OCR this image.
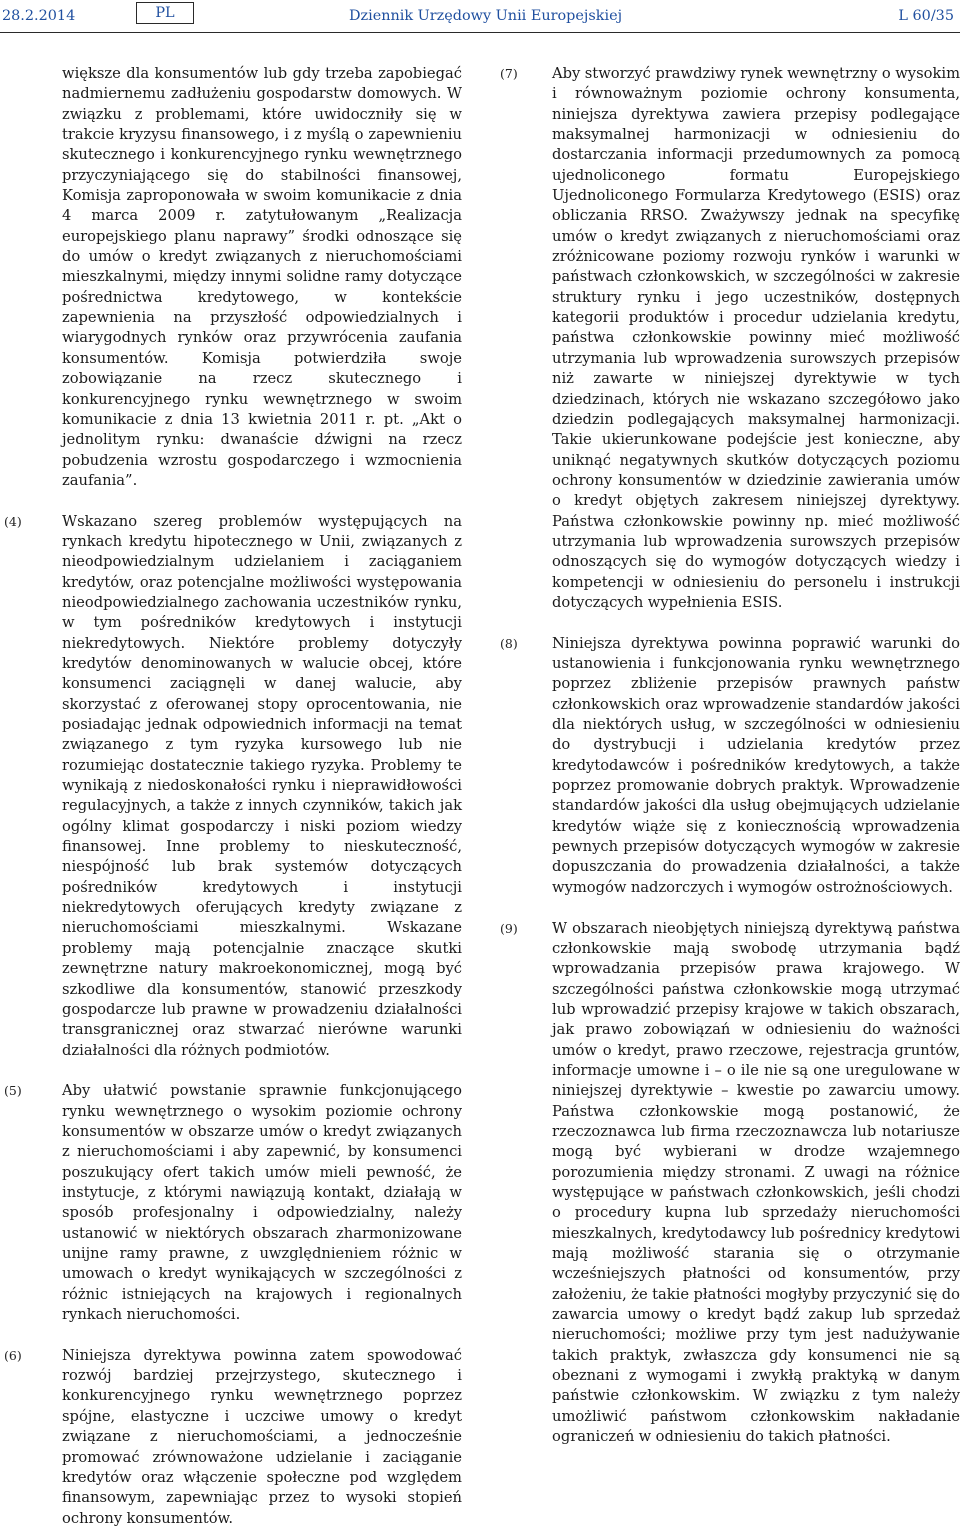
28.2.2014	PL	Dziennik Urzędowy Unii Europejskiej	L 60/35
większe dla konsumentów lub gdy trzeba zapobiegać nadmiernemu zadłużeniu gospodarstw domowych. W związku z problemami, które uwidoczniły się w trakcie kryzysu finansowego, i z myślą o zapewnieniu skutecznego i konkurencyjnego rynku wewnętrznego przyczyniającego się do stabilności finansowej, Komisja zaproponowała w swoim komunikacie z dnia 4 marca 2009 r. zatytułowanym „Realizacja europejskiego planu naprawy” środki odnoszące się do umów o kredyt związanych z nieruchomościami mieszkalnymi, między innymi solidne ramy dotyczące pośrednictwa kredytowego, w kontekście zapewnienia na przyszłość odpowiedzialnych i wiarygodnych rynków oraz przywrócenia zaufania konsumentów. Komisja potwierdziła swoje zobowiązanie na rzecz skutecznego i konkurencyjnego rynku wewnętrznego w swoim komunikacie z dnia 13 kwietnia 2011 r. pt. „Akt o jednolitym rynku: dwanaście dźwigni na rzecz pobudzenia wzrostu gospodarczego i wzmocnienia zaufania”.
(4)	Wskazano szereg problemów występujących na rynkach kredytu hipotecznego w Unii, związanych z nieodpowiedzialnym udzielaniem i zaciąganiem kredytów, oraz potencjalne możliwości występowania nieodpowiedzialnego zachowania uczestników rynku, w tym pośredników kredytowych i instytucji niekredytowych. Niektóre problemy dotyczyły kredytów denominowanych w walucie obcej, które konsumenci zaciągnęli w danej walucie, aby skorzystać z oferowanej stopy oprocentowania, nie posiadając jednak odpowiednich informacji na temat związanego z tym ryzyka kursowego lub nie rozumiejąc dostatecznie takiego ryzyka. Problemy te wynikają z niedoskonałości rynku i nieprawidłowości regulacyjnych, a także z innych czynników, takich jak ogólny klimat gospodarczy i niski poziom wiedzy finansowej. Inne problemy to nieskuteczność, niespójność lub brak systemów dotyczących pośredników kredytowych i instytucji niekredytowych oferujących kredyty związane z nieruchomościami mieszkalnymi. Wskazane problemy mają potencjalnie znaczące skutki zewnętrzne natury makroekonomicznej, mogą być szkodliwe dla konsumentów, stanowić przeszkody gospodarcze lub prawne w prowadzeniu działalności transgranicznej oraz stwarzać nierówne warunki działalności dla różnych podmiotów.
(5)	Aby ułatwić powstanie sprawnie funkcjonującego rynku wewnętrznego o wysokim poziomie ochrony konsumentów w obszarze umów o kredyt związanych z nieruchomościami i aby zapewnić, by konsumenci poszukujący ofert takich umów mieli pewność, że instytucje, z którymi nawiązują kontakt, działają w sposób profesjonalny i odpowiedzialny, należy ustanowić w niektórych obszarach zharmonizowane unijne ramy prawne, z uwzględnieniem różnic w umowach o kredyt wynikających w szczególności z różnic istniejących na krajowych i regionalnych rynkach nieruchomości.
(6)	Niniejsza dyrektywa powinna zatem spowodować rozwój bardziej przejrzystego, skutecznego i konkurencyjnego rynku wewnętrznego poprzez spójne, elastyczne i uczciwe umowy o kredyt związane z nieruchomościami, a jednocześnie promować zrównoważone udzielanie i zaciąganie kredytów oraz włączenie społeczne pod względem finansowym, zapewniając przez to wysoki stopień ochrony konsumentów.
(7) Aby stworzyć prawdziwy rynek wewnętrzny o wysokim i równoważnym poziomie ochrony konsumenta, niniejsza dyrektywa zawiera przepisy podlegające maksymalnej harmonizacji w odniesieniu do dostarczania informacji przedumownych za pomocą ujednoliconego formatu Europejskiego Ujednoliconego Formularza Kredytowego (ESIS) oraz obliczania RRSO. Zważywszy jednak na specyfikę umów o kredyt związanych z nieruchomościami oraz zróżnicowane poziomy rozwoju rynków i warunki w państwach członkowskich, w szczególności w zakresie struktury rynku i jego uczestników, dostępnych kategorii produktów i procedur udzielania kredytu, państwa członkowskie powinny mieć możliwość utrzymania lub wprowadzenia surowszych przepisów niż zawarte w niniejszej dyrektywie w tych dziedzinach, których nie wskazano szczegółowo jako dziedzin podlegających maksymalnej harmonizacji. Takie ukierunkowane podejście jest konieczne, aby uniknąć negatywnych skutków dotyczących poziomu ochrony konsumentów w dziedzinie zawierania umów o kredyt objętych zakresem niniejszej dyrektywy. Państwa członkowskie powinny np. mieć możliwość utrzymania lub wprowadzenia surowszych przepisów odnoszących się do wymogów dotyczących wiedzy i kompetencji w odniesieniu do personelu i instrukcji dotyczących wypełnienia ESIS.
(8) Niniejsza dyrektywa powinna poprawić warunki do ustanowienia i funkcjonowania rynku wewnętrznego poprzez zbliżenie przepisów prawnych państw członkowskich oraz wprowadzenie standardów jakości dla niektórych usług, w szczególności w odniesieniu do dystrybucji i udzielania kredytów przez kredytodawców i pośredników kredytowych, a także poprzez promowanie dobrych praktyk. Wprowadzenie standardów jakości dla usług obejmujących udzielanie kredytów wiąże się z koniecznością wprowadzenia pewnych przepisów dotyczących wymogów w zakresie dopuszczania do prowadzenia działalności, a także wymogów nadzorczych i wymogów ostrożnościowych.
(9) W obszarach nieobjętych niniejszą dyrektywą państwa członkowskie mają swobodę utrzymania bądź wprowadzania przepisów prawa krajowego. W szczególności państwa członkowskie mogą utrzymać lub wprowadzić przepisy krajowe w takich obszarach, jak prawo zobowiązań w odniesieniu do ważności umów o kredyt, prawo rzeczowe, rejestracja gruntów, informacje umowne i – o ile nie są one uregulowane w niniejszej dyrektywie – kwestie po zawarciu umowy. Państwa członkowskie mogą postanowić, że rzeczoznawca lub firma rzeczoznawcza lub notariusze mogą być wybierani w drodze wzajemnego porozumienia między stronami. Z uwagi na różnice występujące w państwach członkowskich, jeśli chodzi o procedury kupna lub sprzedaży nieruchomości mieszkalnych, kredytodawcy lub pośrednicy kredytowi mają możliwość starania się o otrzymanie wcześniejszych płatności od konsumentów, przy założeniu, że takie płatności mogłyby przyczynić się do zawarcia umowy o kredyt bądź zakup lub sprzedaż nieruchomości; możliwe przy tym jest nadużywanie takich praktyk, zwłaszcza gdy konsumenci nie są obeznani z wymogami i zwykłą praktyką w danym państwie członkowskim. W związku z tym należy umożliwić państwom członkowskim nakładanie ograniczeń w odniesieniu do takich płatności.
